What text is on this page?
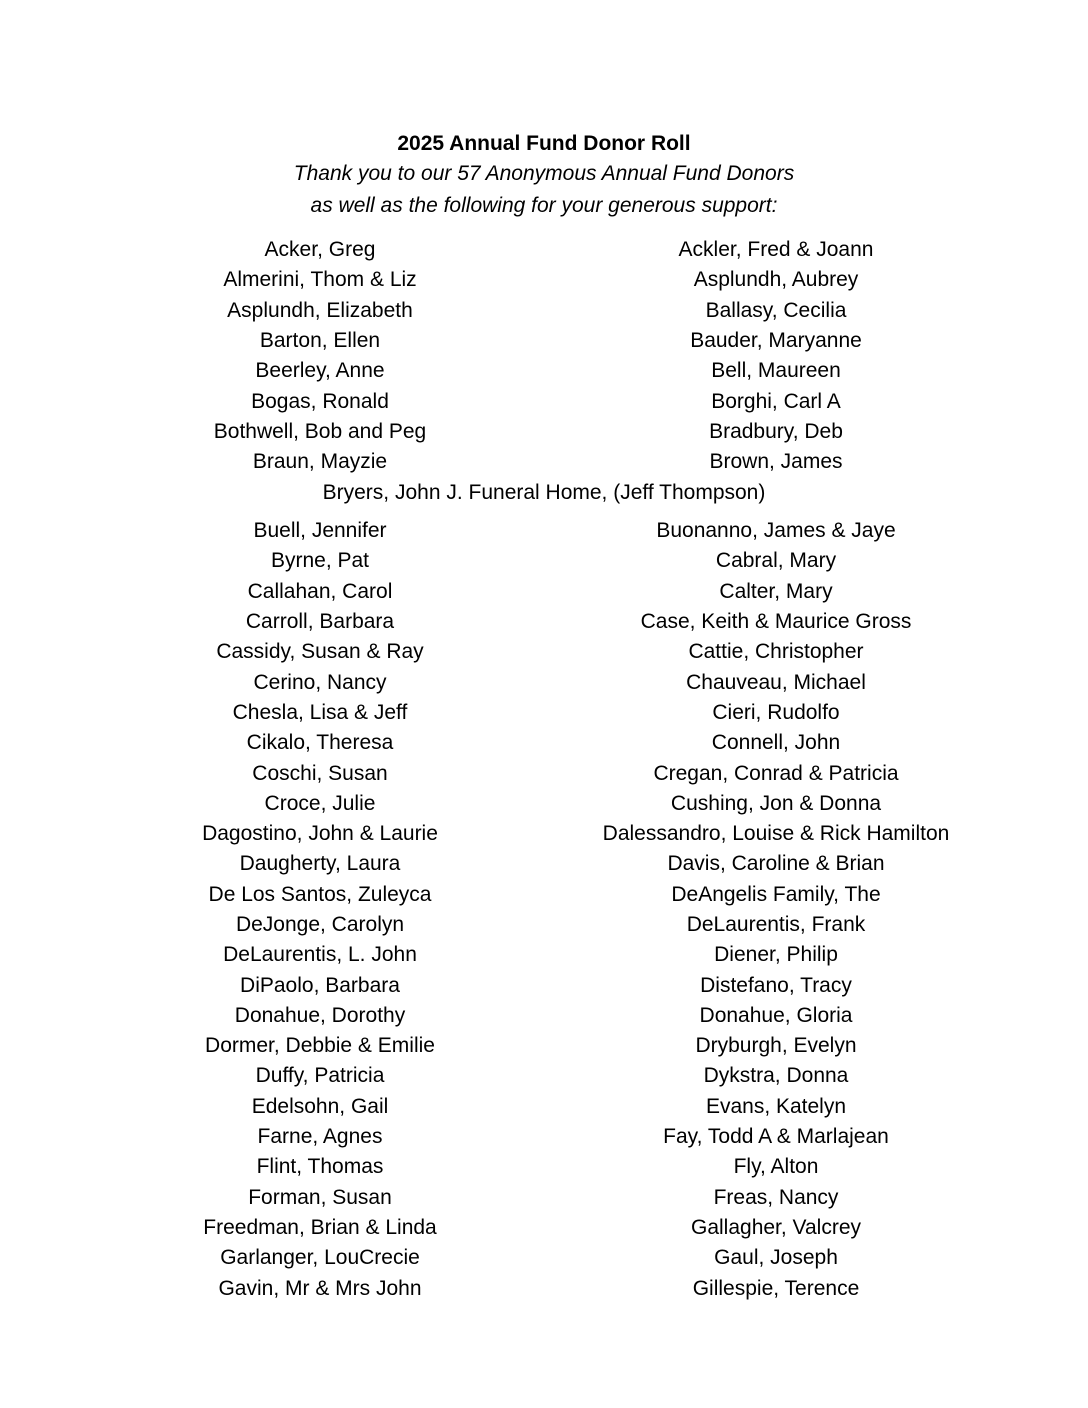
2025 Annual Fund Donor Roll
Thank you to our 57 Anonymous Annual Fund Donors
as well as the following for your generous support:
Acker, Greg	Ackler, Fred & Joann
Almerini, Thom & Liz	Asplundh, Aubrey
Asplundh, Elizabeth	Ballasy, Cecilia
Barton, Ellen	Bauder, Maryanne
Beerley, Anne	Bell, Maureen
Bogas, Ronald	Borghi, Carl A
Bothwell, Bob and Peg	Bradbury, Deb
Braun, Mayzie	Brown, James
Bryers, John J. Funeral Home, (Jeff Thompson)
Buell, Jennifer	Buonanno, James & Jaye
Byrne, Pat	Cabral, Mary
Callahan, Carol	Calter, Mary
Carroll, Barbara	Case, Keith & Maurice Gross
Cassidy, Susan & Ray	Cattie, Christopher
Cerino, Nancy	Chauveau, Michael
Chesla, Lisa & Jeff	Cieri, Rudolfo
Cikalo, Theresa	Connell, John
Coschi, Susan	Cregan, Conrad & Patricia
Croce, Julie	Cushing, Jon & Donna
Dagostino, John & Laurie	Dalessandro, Louise & Rick Hamilton
Daugherty, Laura	Davis, Caroline & Brian
De Los Santos, Zuleyca	DeAngelis Family, The
DeJonge, Carolyn	DeLaurentis, Frank
DeLaurentis, L. John	Diener, Philip
DiPaolo, Barbara	Distefano, Tracy
Donahue, Dorothy	Donahue, Gloria
Dormer, Debbie & Emilie	Dryburgh, Evelyn
Duffy, Patricia	Dykstra, Donna
Edelsohn, Gail	Evans, Katelyn
Farne, Agnes	Fay, Todd A & Marlajean
Flint, Thomas	Fly, Alton
Forman, Susan	Freas, Nancy
Freedman, Brian & Linda	Gallagher, Valcrey
Garlanger, LouCrecie	Gaul, Joseph
Gavin, Mr & Mrs John	Gillespie, Terence
